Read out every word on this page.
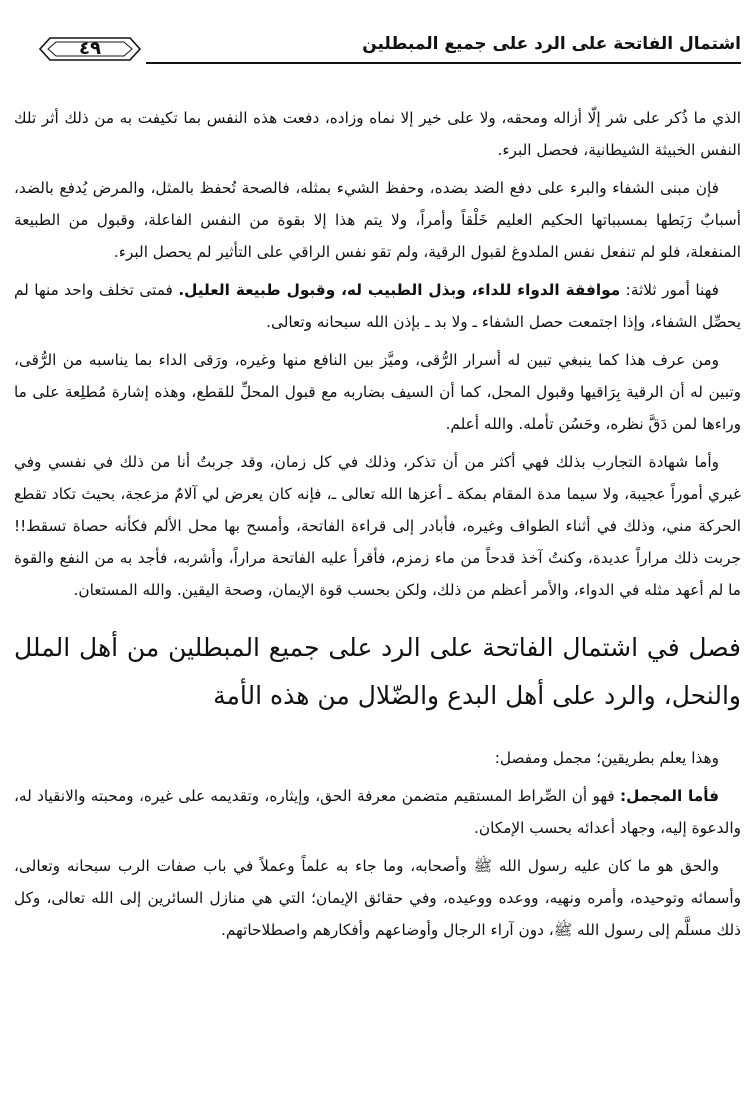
اشتمال الفاتحة على الرد على جميع المبطلين
٤٩

الذي ما ذُكر على شر إلّا أزاله ومحقه، ولا على خير إلا نماه وزاده، دفعت هذه النفس بما تكيفت به من ذلك أثر تلك النفس الخبيثة الشيطانية، فحصل البرء.

فإن مبنى الشفاء والبرء على دفع الضد بضده، وحفظ الشيء بمثله، فالصحة تُحفظ بالمثل، والمرض يُدفع بالضد، أسبابٌ رَبَطها بمسبباتها الحكيم العليم خَلْقاً وأمراً، ولا يتم هذا إلا بقوة من النفس الفاعلة، وقبول من الطبيعة المنفعلة، فلو لم تنفعل نفس الملدوغ لقبول الرقية، ولم تقو نفس الراقي على التأثير لم يحصل البرء.

فهنا أمور ثلاثة: موافقة الدواء للداء، وبذل الطبيب له، وقبول طبيعة العليل. فمتى تخلف واحد منها لم يحصِّل الشفاء، وإذا اجتمعت حصل الشفاء ـ ولا بد ـ بإذن الله سبحانه وتعالى.

ومن عرف هذا كما ينبغي تبين له أسرار الرُّقى، وميَّز بين النافع منها وغيره، ورَقى الداء بما يناسبه من الرُّقى، وتبين له أن الرقية بِرَاقيها وقبول المحل، كما أن السيف بضاربه مع قبول المحلِّ للقطع، وهذه إشارة مُطلِعة على ما وراءها لمن دَقَّ نظره، وحَسُن تأمله. والله أعلم.

وأما شهادة التجارب بذلك فهي أكثر من أن تذكر، وذلك في كل زمان، وقد جربتُ أنا من ذلك في نفسي وفي غيري أموراً عجيبة، ولا سيما مدة المقام بمكة ـ أعزها الله تعالى ـ، فإنه كان يعرض لي آلامٌ مزعجة، بحيث تكاد تقطع الحركة مني، وذلك في أثناء الطواف وغيره، فأبادر إلى قراءة الفاتحة، وأمسح بها محل الألم فكأنه حصاة تسقط!! جربت ذلك مراراً عديدة، وكنتُ آخذ قدحاً من ماء زمزم، فأقرأ عليه الفاتحة مراراً، وأشربه، فأجد به من النفع والقوة ما لم أعهد مثله في الدواء، والأمر أعظم من ذلك، ولكن بحسب قوة الإيمان، وصحة اليقين. والله المستعان.

فصل في اشتمال الفاتحة على الرد على جميع المبطلين من أهل الملل والنحل، والرد على أهل البدع والضّلال من هذه الأمة

وهذا يعلم بطريقين؛ مجمل ومفصل:

فأما المجمل: فهو أن الصِّراط المستقيم متضمن معرفة الحق، وإيثاره، وتقديمه على غيره، ومحبته والانقياد له، والدعوة إليه، وجهاد أعدائه بحسب الإمكان.

والحق هو ما كان عليه رسول الله ﷺ وأصحابه، وما جاء به علماً وعملاً في باب صفات الرب سبحانه وتعالى، وأسمائه وتوحيده، وأمره ونهيه، ووعده ووعيده، وفي حقائق الإيمان؛ التي هي منازل السائرين إلى الله تعالى، وكل ذلك مسلَّم إلى رسول الله ﷺ، دون آراء الرجال وأوضاعهم وأفكارهم واصطلاحاتهم.
